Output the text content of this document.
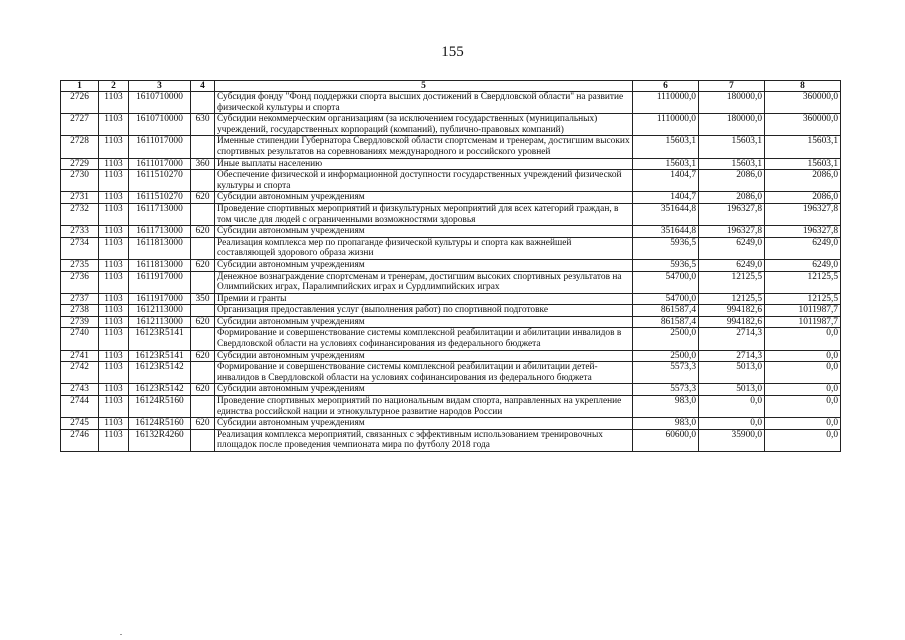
155
1	2	3	4	5	6	7	8
2726	1103	1610710000		Субсидия фонду "Фонд поддержки спорта высших достижений в Свердловской области" на развитие физической культуры и спорта	1110000,0	180000,0	360000,0
2727	1103	1610710000	630	Субсидии некоммерческим организациям (за исключением государственных (муниципальных) учреждений, государственных корпораций (компаний), публично-правовых компаний)	1110000,0	180000,0	360000,0
2728	1103	1611017000		Именные стипендии Губернатора Свердловской области спортсменам и тренерам, достигшим высоких спортивных результатов на соревнованиях международного и российского уровней	15603,1	15603,1	15603,1
2729	1103	1611017000	360	Иные выплаты населению	15603,1	15603,1	15603,1
2730	1103	1611510270		Обеспечение физической и информационной доступности государственных учреждений физической культуры и спорта	1404,7	2086,0	2086,0
2731	1103	1611510270	620	Субсидии автономным учреждениям	1404,7	2086,0	2086,0
2732	1103	1611713000		Проведение спортивных мероприятий и физкультурных мероприятий для всех категорий граждан, в том числе для людей с ограниченными возможностями здоровья	351644,8	196327,8	196327,8
2733	1103	1611713000	620	Субсидии автономным учреждениям	351644,8	196327,8	196327,8
2734	1103	1611813000		Реализация комплекса мер по пропаганде физической культуры и спорта как важнейшей составляющей здорового образа жизни	5936,5	6249,0	6249,0
2735	1103	1611813000	620	Субсидии автономным учреждениям	5936,5	6249,0	6249,0
2736	1103	1611917000		Денежное вознаграждение спортсменам и тренерам, достигшим высоких спортивных результатов на Олимпийских играх, Паралимпийских играх и Сурдлимпийских играх	54700,0	12125,5	12125,5
2737	1103	1611917000	350	Премии и гранты	54700,0	12125,5	12125,5
2738	1103	1612113000		Организация предоставления услуг (выполнения работ) по спортивной подготовке	861587,4	994182,6	1011987,7
2739	1103	1612113000	620	Субсидии автономным учреждениям	861587,4	994182,6	1011987,7
2740	1103	16123R5141		Формирование и совершенствование системы комплексной реабилитации и абилитации инвалидов в Свердловской области на условиях софинансирования из федерального бюджета	2500,0	2714,3	0,0
2741	1103	16123R5141	620	Субсидии автономным учреждениям	2500,0	2714,3	0,0
2742	1103	16123R5142		Формирование и совершенствование системы комплексной реабилитации и абилитации детей-инвалидов в Свердловской области на условиях софинансирования из федерального бюджета	5573,3	5013,0	0,0
2743	1103	16123R5142	620	Субсидии автономным учреждениям	5573,3	5013,0	0,0
2744	1103	16124R5160		Проведение спортивных мероприятий по национальным видам спорта, направленных на укрепление единства российской нации и этнокультурное развитие народов России	983,0	0,0	0,0
2745	1103	16124R5160	620	Субсидии автономным учреждениям	983,0	0,0	0,0
2746	1103	16132R4260		Реализация комплекса мероприятий, связанных с эффективным использованием тренировочных площадок после проведения чемпионата мира по футболу 2018 года	60600,0	35900,0	0,0
